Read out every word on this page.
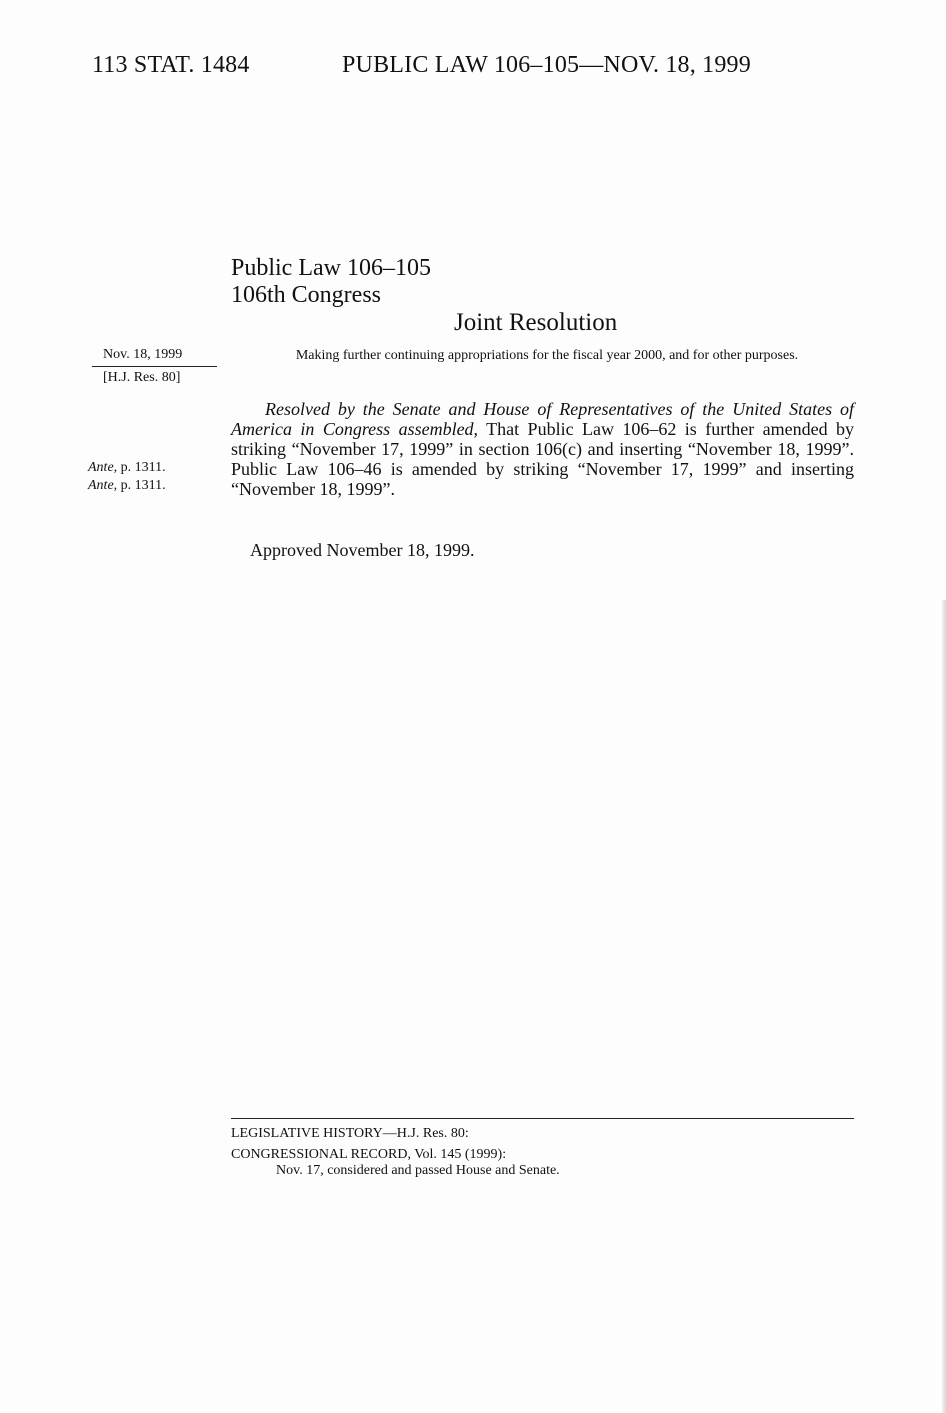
113 STAT. 1484	PUBLIC LAW 106–105—NOV. 18, 1999
Public Law 106–105
106th Congress
Joint Resolution
Nov. 18, 1999
[H.J. Res. 80]
Making further continuing appropriations for the fiscal year 2000, and for other purposes.
Resolved by the Senate and House of Representatives of the United States of America in Congress assembled, That Public Law 106–62 is further amended by striking “November 17, 1999” in section 106(c) and inserting “November 18, 1999”. Public Law 106–46 is amended by striking “November 17, 1999” and inserting “November 18, 1999”.
Ante, p. 1311.
Ante, p. 1311.
Approved November 18, 1999.
LEGISLATIVE HISTORY—H.J. Res. 80:
CONGRESSIONAL RECORD, Vol. 145 (1999):
Nov. 17, considered and passed House and Senate.
